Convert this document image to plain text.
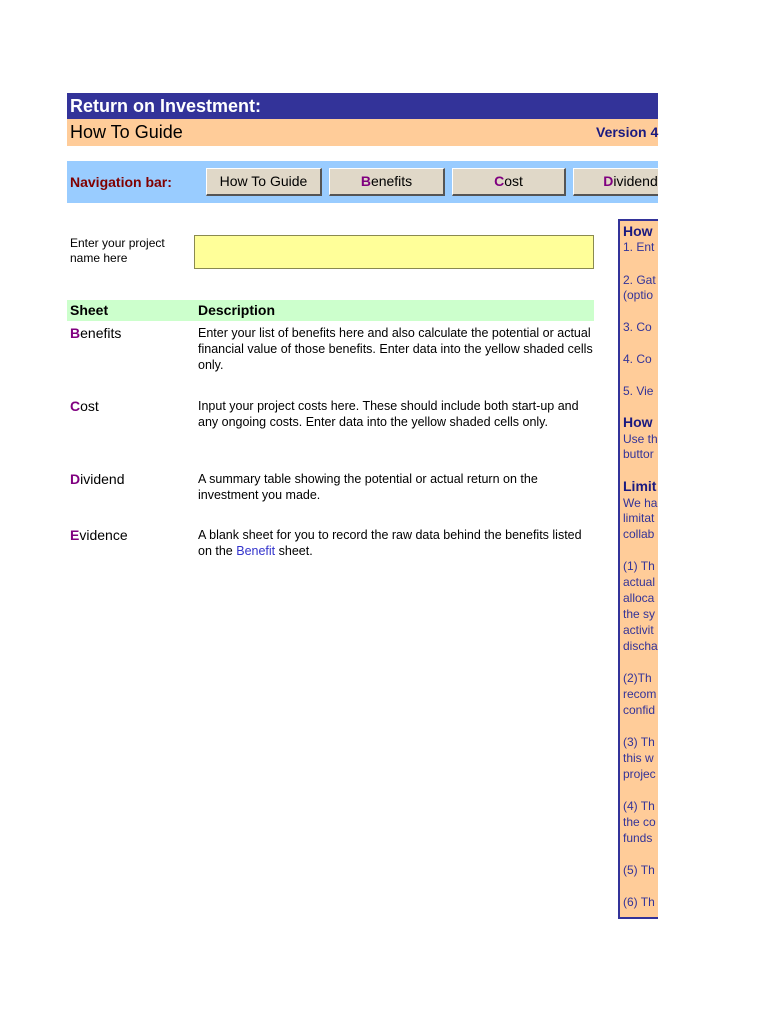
Return on Investment:
How To Guide	Version 4
Navigation bar:	How To Guide	Benefits	Cost	Dividend
Enter your project name here
Sheet	Description
Benefits	Enter your list of benefits here and also calculate the potential or actual financial value of those benefits. Enter data into the yellow shaded cells only.
Cost	Input your project costs here. These should include both start-up and any ongoing costs. Enter data into the yellow shaded cells only.
Dividend	A summary table showing the potential or actual return on the investment you made.
Evidence	A blank sheet for you to record the raw data behind the benefits listed on the Benefit sheet.
How
1. Ent
2. Gat
(optio
3. Co
4. Co
5. Vie
How
Use th
buttor
Limit
We ha
limitat
collab
(1) Th
actual
alloca
the sy
activit
discha
(2)Th
recom
confid
(3) Th
this w
projec
(4) Th
the co
funds
(5) Th
(6) Th
